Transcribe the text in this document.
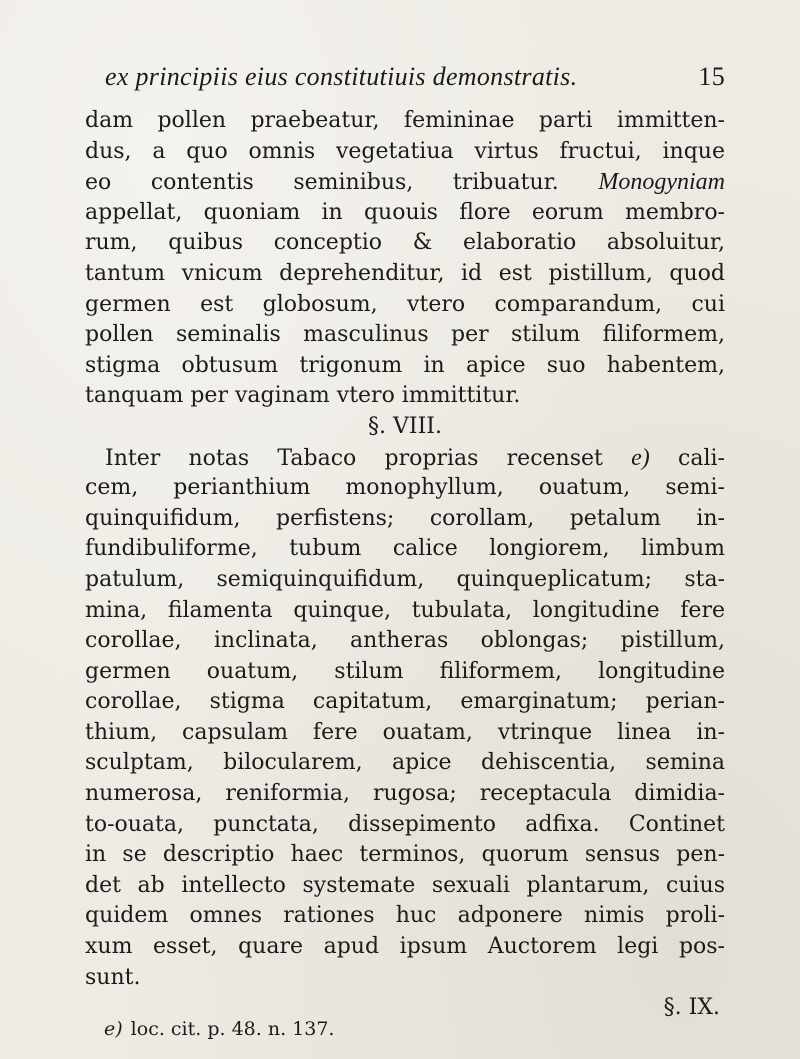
ex principiis eius constitutiuis demonstratis.	15
dam pollen praebeatur, femininae parti immitten-
dus, a quo omnis vegetatiua virtus fructui, inque
eo contentis seminibus, tribuatur. Monogyniam
appellat, quoniam in quouis flore eorum membro-
rum, quibus conceptio & elaboratio absoluitur,
tantum vnicum deprehenditur, id est pistillum, quod
germen est globosum, vtero comparandum, cui
pollen seminalis masculinus per stilum filiformem,
stigma obtusum trigonum in apice suo habentem,
tanquam per vaginam vtero immittitur.
§. VIII.
Inter notas Tabaco proprias recenset e) cali-
cem, perianthium monophyllum, ouatum, semi-
quinquifidum, perfistens; corollam, petalum in-
fundibuliforme, tubum calice longiorem, limbum
patulum, semiquinquifidum, quinqueplicatum; sta-
mina, filamenta quinque, tubulata, longitudine fere
corollae, inclinata, antheras oblongas; pistillum,
germen ouatum, stilum filiformem, longitudine
corollae, stigma capitatum, emarginatum; perian-
thium, capsulam fere ouatam, vtrinque linea in-
sculptam, bilocularem, apice dehiscentia, semina
numerosa, reniformia, rugosa; receptacula dimidia-
to-ouata, punctata, dissepimento adfixa. Continet
in se descriptio haec terminos, quorum sensus pen-
det ab intellecto systemate sexuali plantarum, cuius
quidem omnes rationes huc adponere nimis proli-
xum esset, quare apud ipsum Auctorem legi pos-
sunt.
§. IX.
e) loc. cit. p. 48. n. 137.
